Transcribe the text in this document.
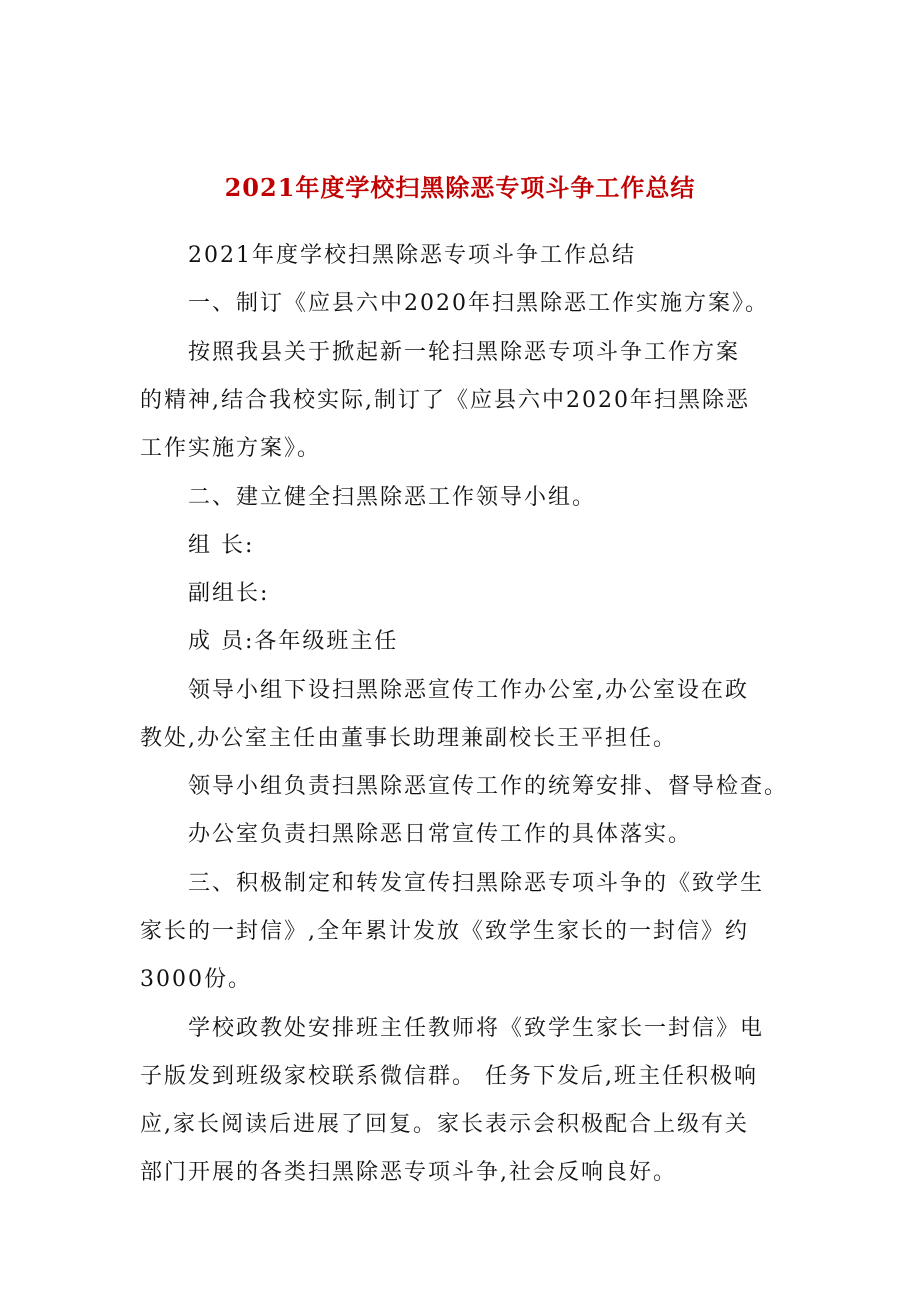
2021年度学校扫黑除恶专项斗争工作总结
2021年度学校扫黑除恶专项斗争工作总结
一、制订《应县六中2020年扫黑除恶工作实施方案》。
按照我县关于掀起新一轮扫黑除恶专项斗争工作方案
的精神,结合我校实际,制订了《应县六中2020年扫黑除恶
工作实施方案》。
二、建立健全扫黑除恶工作领导小组。
组 长:
副组长:
成 员:各年级班主任
领导小组下设扫黑除恶宣传工作办公室,办公室设在政
教处,办公室主任由董事长助理兼副校长王平担任。
领导小组负责扫黑除恶宣传工作的统筹安排、督导检查。
办公室负责扫黑除恶日常宣传工作的具体落实。
三、积极制定和转发宣传扫黑除恶专项斗争的《致学生
家长的一封信》,全年累计发放《致学生家长的一封信》约
3000份。
学校政教处安排班主任教师将《致学生家长一封信》电
子版发到班级家校联系微信群。 任务下发后,班主任积极响
应,家长阅读后进展了回复。家长表示会积极配合上级有关
部门开展的各类扫黑除恶专项斗争,社会反响良好。
